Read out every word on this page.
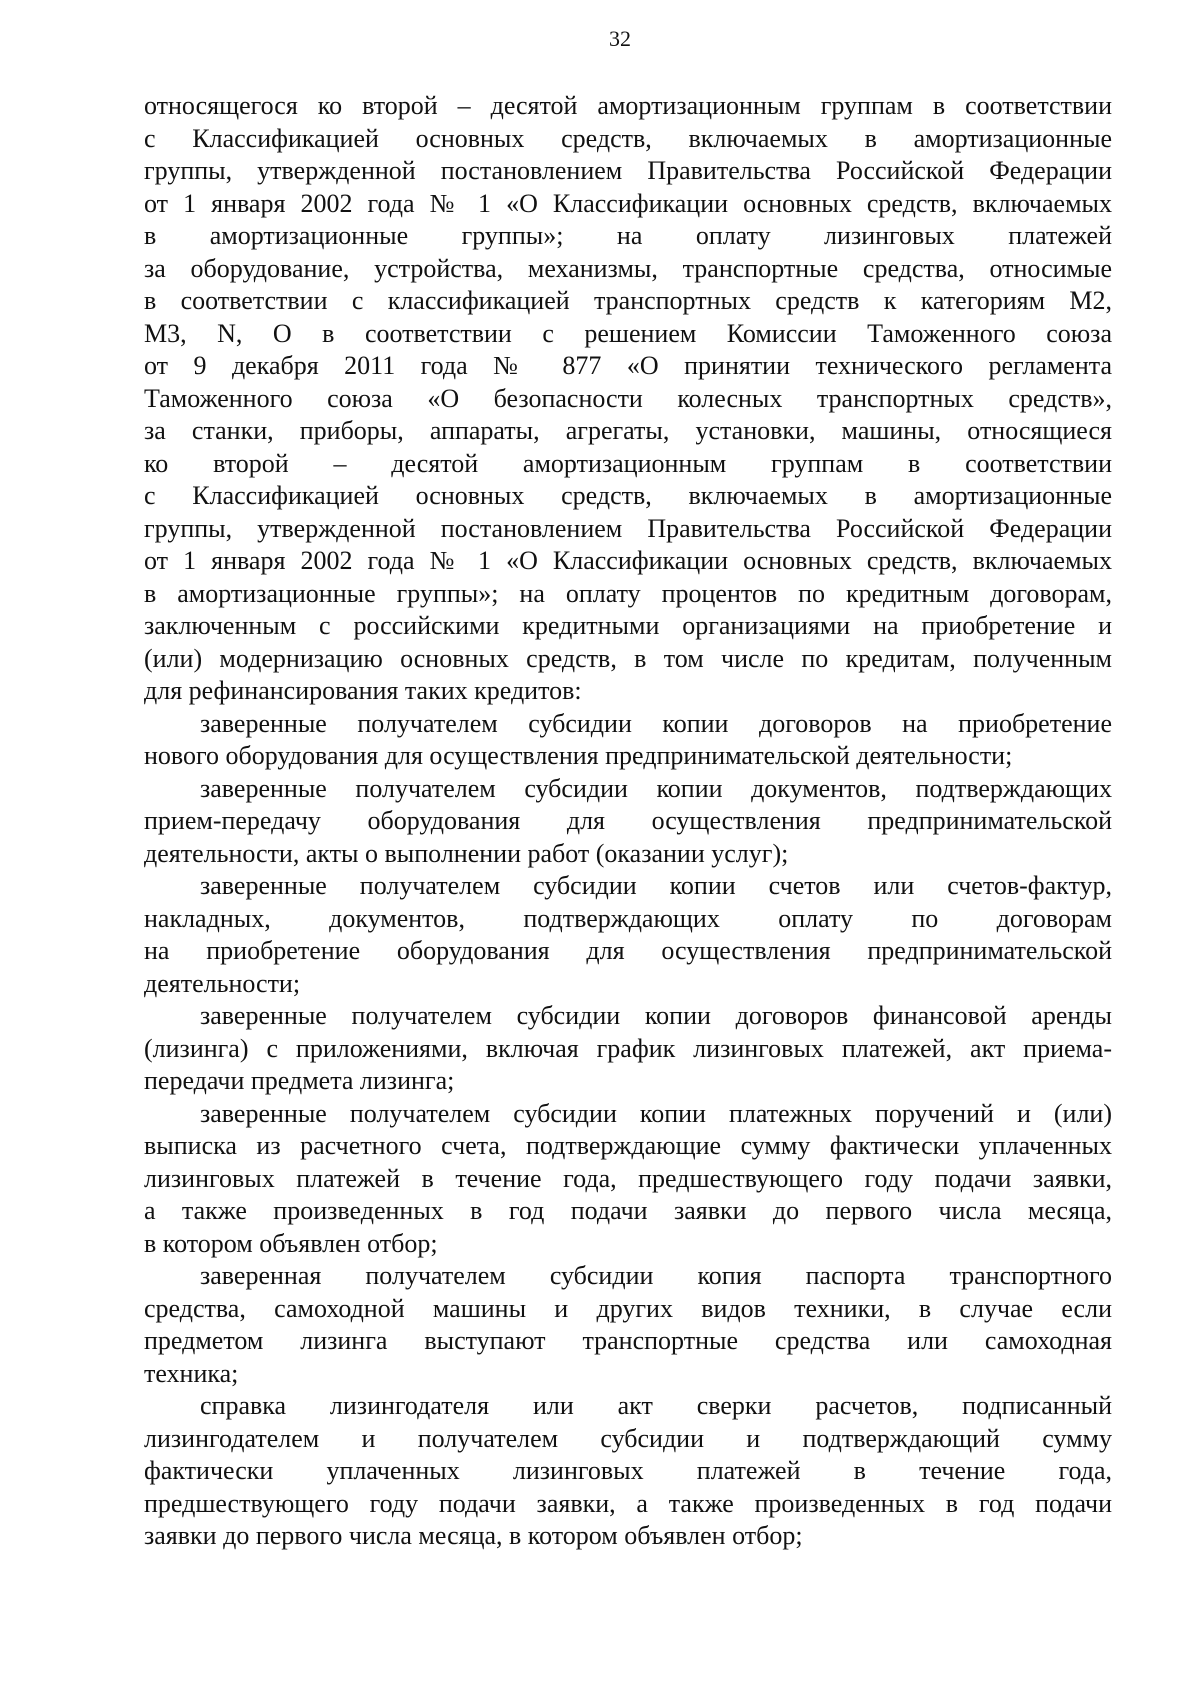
32
относящегося ко второй – десятой амортизационным группам в соответствии
с Классификацией основных средств, включаемых в амортизационные
группы, утвержденной постановлением Правительства Российской Федерации
от 1 января 2002 года № 1 «О Классификации основных средств, включаемых
в амортизационные группы»; на оплату лизинговых платежей
за оборудование, устройства, механизмы, транспортные средства, относимые
в соответствии с классификацией транспортных средств к категориям М2,
М3, N, O в соответствии с решением Комиссии Таможенного союза
от 9 декабря 2011 года № 877 «О принятии технического регламента
Таможенного союза «О безопасности колесных транспортных средств»,
за станки, приборы, аппараты, агрегаты, установки, машины, относящиеся
ко второй – десятой амортизационным группам в соответствии
с Классификацией основных средств, включаемых в амортизационные
группы, утвержденной постановлением Правительства Российской Федерации
от 1 января 2002 года № 1 «О Классификации основных средств, включаемых
в амортизационные группы»; на оплату процентов по кредитным договорам,
заключенным с российскими кредитными организациями на приобретение и
(или) модернизацию основных средств, в том числе по кредитам, полученным
для рефинансирования таких кредитов:
заверенные получателем субсидии копии договоров на приобретение
нового оборудования для осуществления предпринимательской деятельности;
заверенные получателем субсидии копии документов, подтверждающих
прием-передачу оборудования для осуществления предпринимательской
деятельности, акты о выполнении работ (оказании услуг);
заверенные получателем субсидии копии счетов или счетов-фактур,
накладных, документов, подтверждающих оплату по договорам
на приобретение оборудования для осуществления предпринимательской
деятельности;
заверенные получателем субсидии копии договоров финансовой аренды
(лизинга) с приложениями, включая график лизинговых платежей, акт приема-
передачи предмета лизинга;
заверенные получателем субсидии копии платежных поручений и (или)
выписка из расчетного счета, подтверждающие сумму фактически уплаченных
лизинговых платежей в течение года, предшествующего году подачи заявки,
а также произведенных в год подачи заявки до первого числа месяца,
в котором объявлен отбор;
заверенная получателем субсидии копия паспорта транспортного
средства, самоходной машины и других видов техники, в случае если
предметом лизинга выступают транспортные средства или самоходная
техника;
справка лизингодателя или акт сверки расчетов, подписанный
лизингодателем и получателем субсидии и подтверждающий сумму
фактически уплаченных лизинговых платежей в течение года,
предшествующего году подачи заявки, а также произведенных в год подачи
заявки до первого числа месяца, в котором объявлен отбор;
